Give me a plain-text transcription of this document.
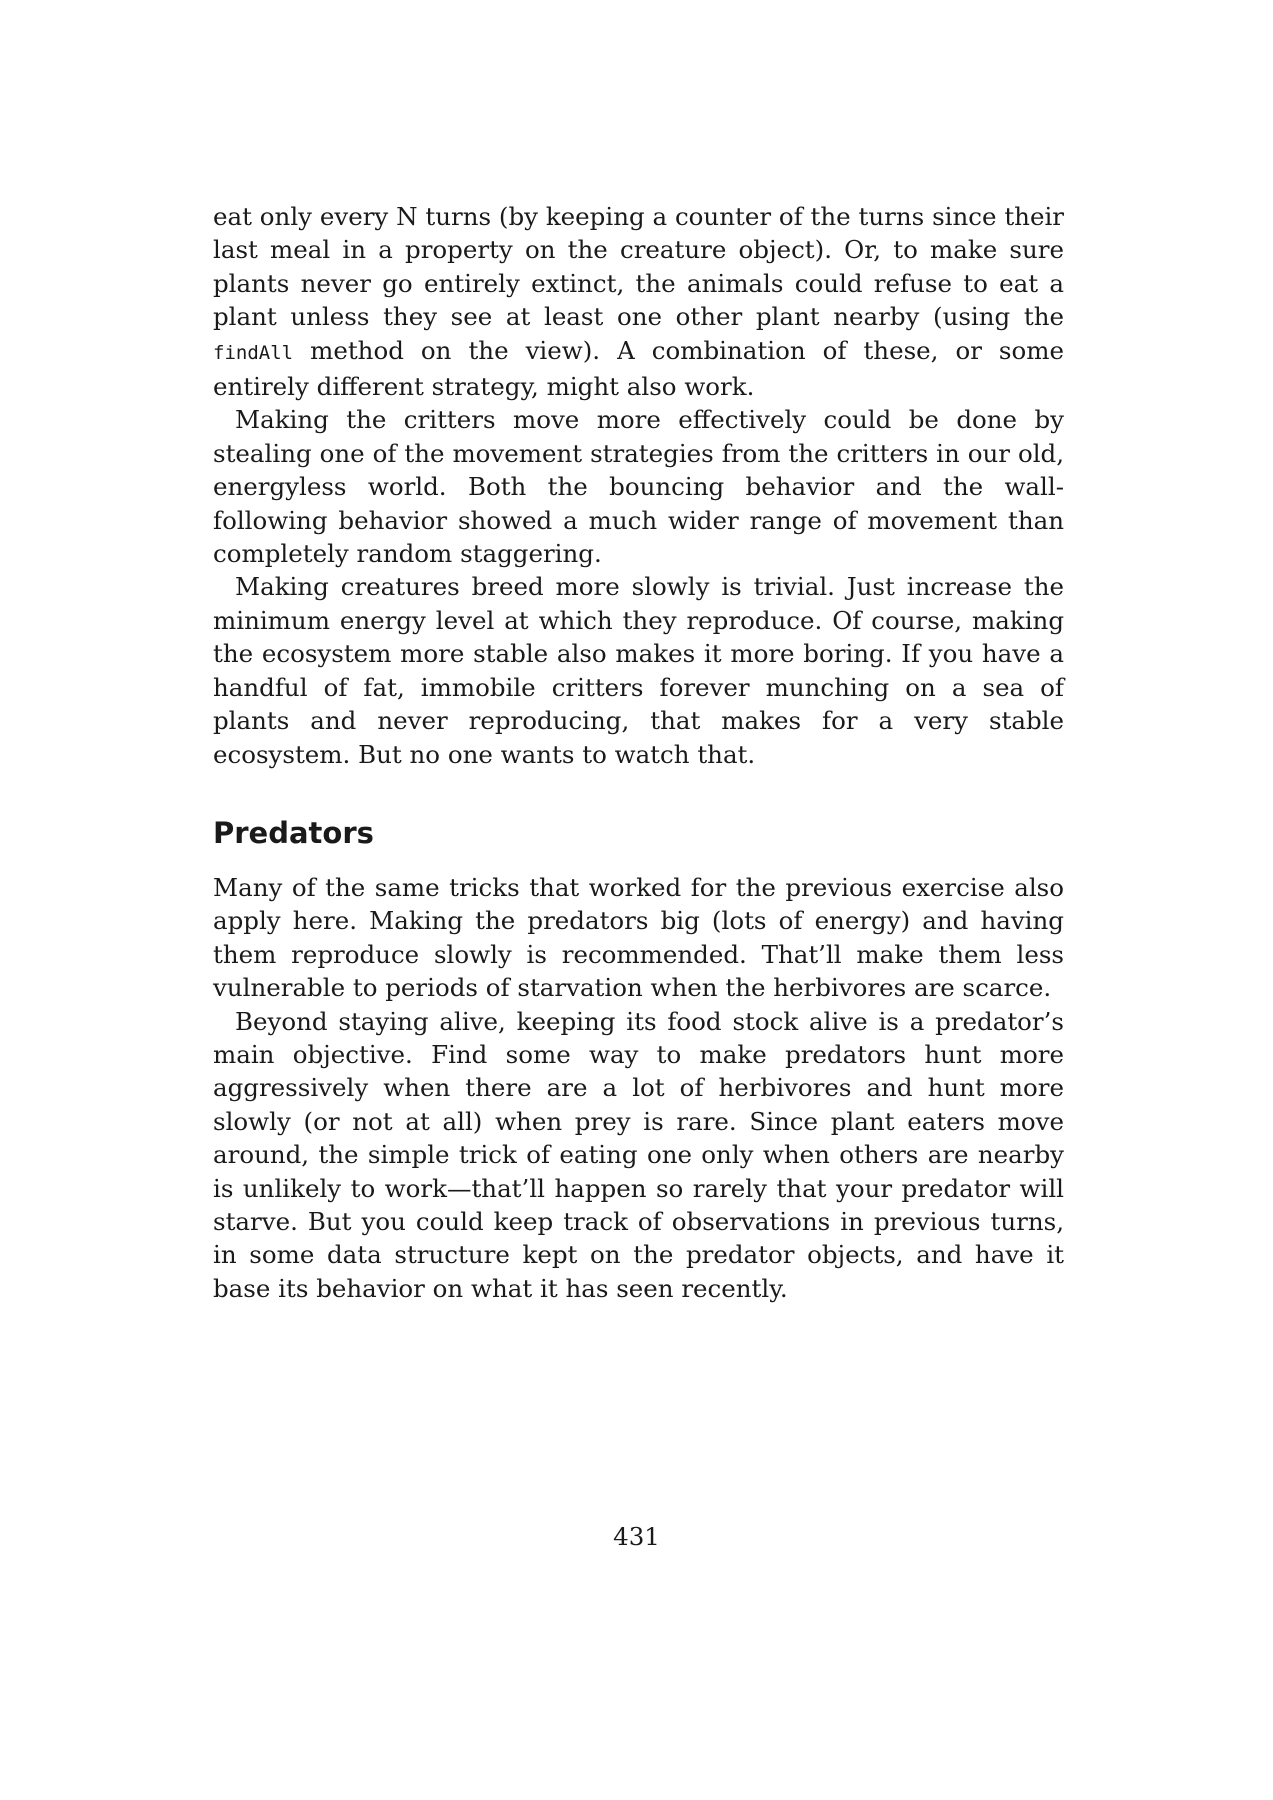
eat only every N turns (by keeping a counter of the turns since their last meal in a property on the creature object). Or, to make sure plants never go entirely extinct, the animals could refuse to eat a plant unless they see at least one other plant nearby (using the findAll method on the view). A combination of these, or some entirely different strategy, might also work.

Making the critters move more effectively could be done by stealing one of the movement strategies from the critters in our old, energyless world. Both the bouncing behavior and the wall-following behavior showed a much wider range of movement than completely random staggering.

Making creatures breed more slowly is trivial. Just increase the minimum energy level at which they reproduce. Of course, making the ecosystem more stable also makes it more boring. If you have a handful of fat, immobile critters forever munching on a sea of plants and never reproducing, that makes for a very stable ecosystem. But no one wants to watch that.

Predators

Many of the same tricks that worked for the previous exercise also apply here. Making the predators big (lots of energy) and having them reproduce slowly is recommended. That’ll make them less vulnerable to periods of starvation when the herbivores are scarce.

Beyond staying alive, keeping its food stock alive is a predator’s main objective. Find some way to make predators hunt more aggressively when there are a lot of herbivores and hunt more slowly (or not at all) when prey is rare. Since plant eaters move around, the simple trick of eating one only when others are nearby is unlikely to work—that’ll happen so rarely that your predator will starve. But you could keep track of observations in previous turns, in some data structure kept on the predator objects, and have it base its behavior on what it has seen recently.

431
